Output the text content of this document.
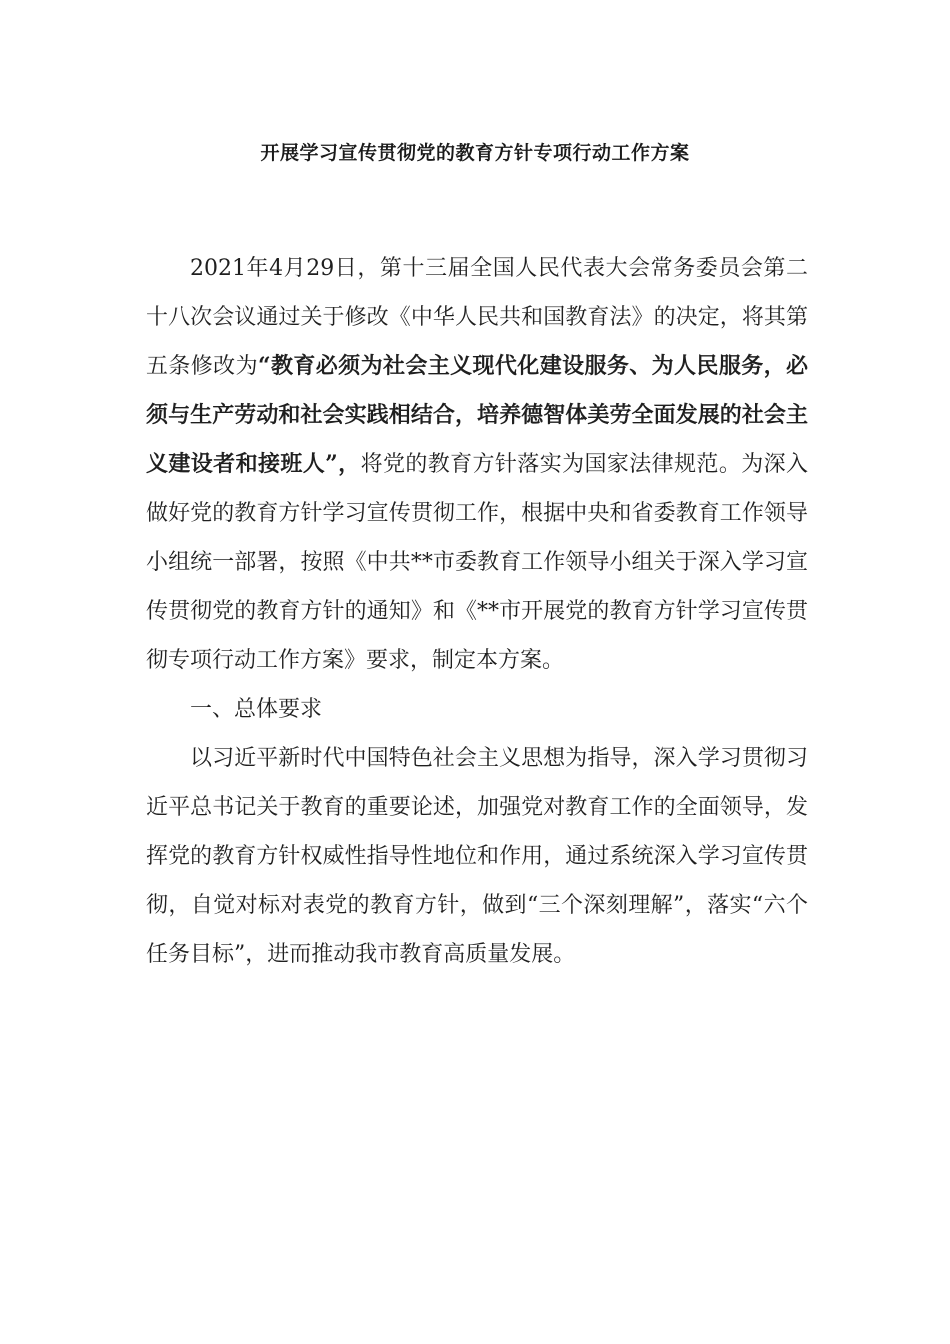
开展学习宣传贯彻党的教育方针专项行动工作方案

2021年4月29日，第十三届全国人民代表大会常务委员会第二十八次会议通过关于修改《中华人民共和国教育法》的决定，将其第五条修改为“教育必须为社会主义现代化建设服务、为人民服务，必须与生产劳动和社会实践相结合，培养德智体美劳全面发展的社会主义建设者和接班人”，将党的教育方针落实为国家法律规范。为深入做好党的教育方针学习宣传贯彻工作，根据中央和省委教育工作领导小组统一部署，按照《中共**市委教育工作领导小组关于深入学习宣传贯彻党的教育方针的通知》和《**市开展党的教育方针学习宣传贯彻专项行动工作方案》要求，制定本方案。

一、总体要求

以习近平新时代中国特色社会主义思想为指导，深入学习贯彻习近平总书记关于教育的重要论述，加强党对教育工作的全面领导，发挥党的教育方针权威性指导性地位和作用，通过系统深入学习宣传贯彻，自觉对标对表党的教育方针，做到“三个深刻理解”，落实“六个任务目标”，进而推动我市教育高质量发展。
